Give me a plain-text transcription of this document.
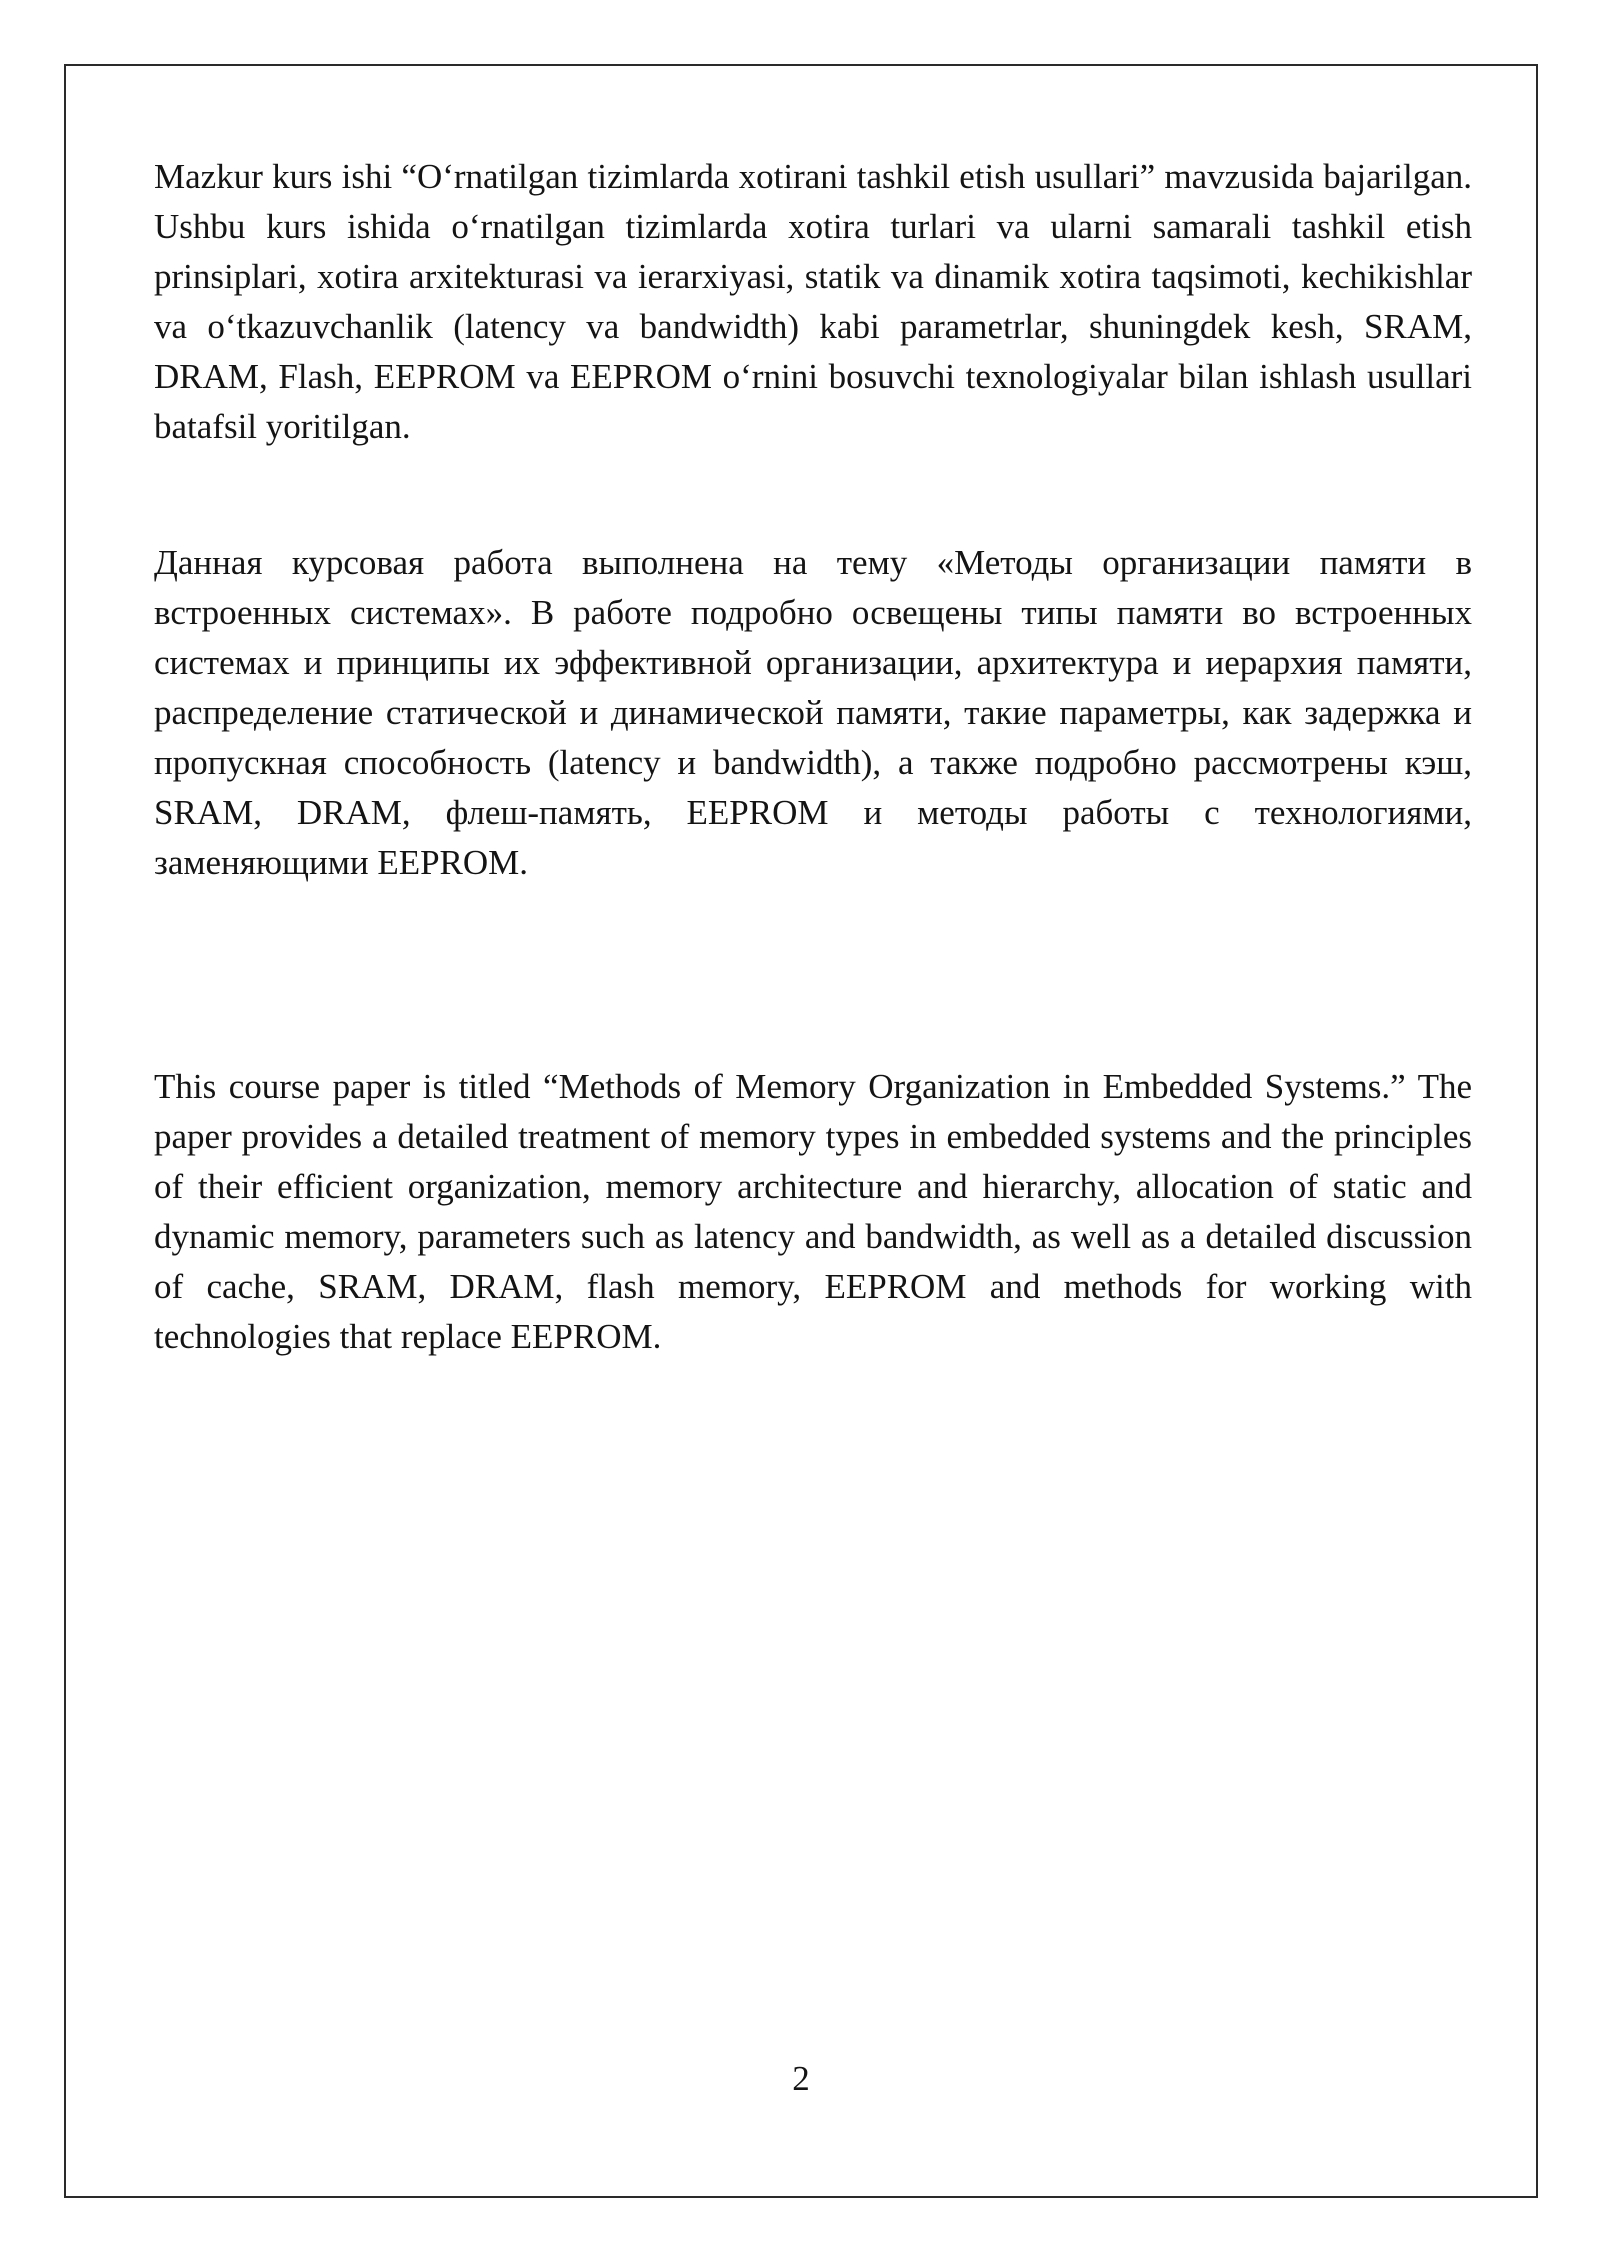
Mazkur kurs ishi “O‘rnatilgan tizimlarda xotirani tashkil etish usullari” mavzusida bajarilgan. Ushbu kurs ishida o‘rnatilgan tizimlarda xotira turlari va ularni samarali tashkil etish prinsiplari, xotira arxitekturasi va ierarxiyasi, statik va dinamik xotira taqsimoti, kechikishlar va o‘tkazuvchanlik (latency va bandwidth) kabi parametrlar, shuningdek kesh, SRAM, DRAM, Flash, EEPROM va EEPROM o‘rnini bosuvchi texnologiyalar bilan ishlash usullari batafsil yoritilgan.

Данная курсовая работа выполнена на тему «Методы организации памяти в встроенных системах». В работе подробно освещены типы памяти во встроенных системах и принципы их эффективной организации, архитектура и иерархия памяти, распределение статической и динамической памяти, такие параметры, как задержка и пропускная способность (latency и bandwidth), а также подробно рассмотрены кэш, SRAM, DRAM, флеш-память, EEPROM и методы работы с технологиями, заменяющими EEPROM.

This course paper is titled “Methods of Memory Organization in Embedded Systems.” The paper provides a detailed treatment of memory types in embedded systems and the principles of their efficient organization, memory architecture and hierarchy, allocation of static and dynamic memory, parameters such as latency and bandwidth, as well as a detailed discussion of cache, SRAM, DRAM, flash memory, EEPROM and methods for working with technologies that replace EEPROM.

2
